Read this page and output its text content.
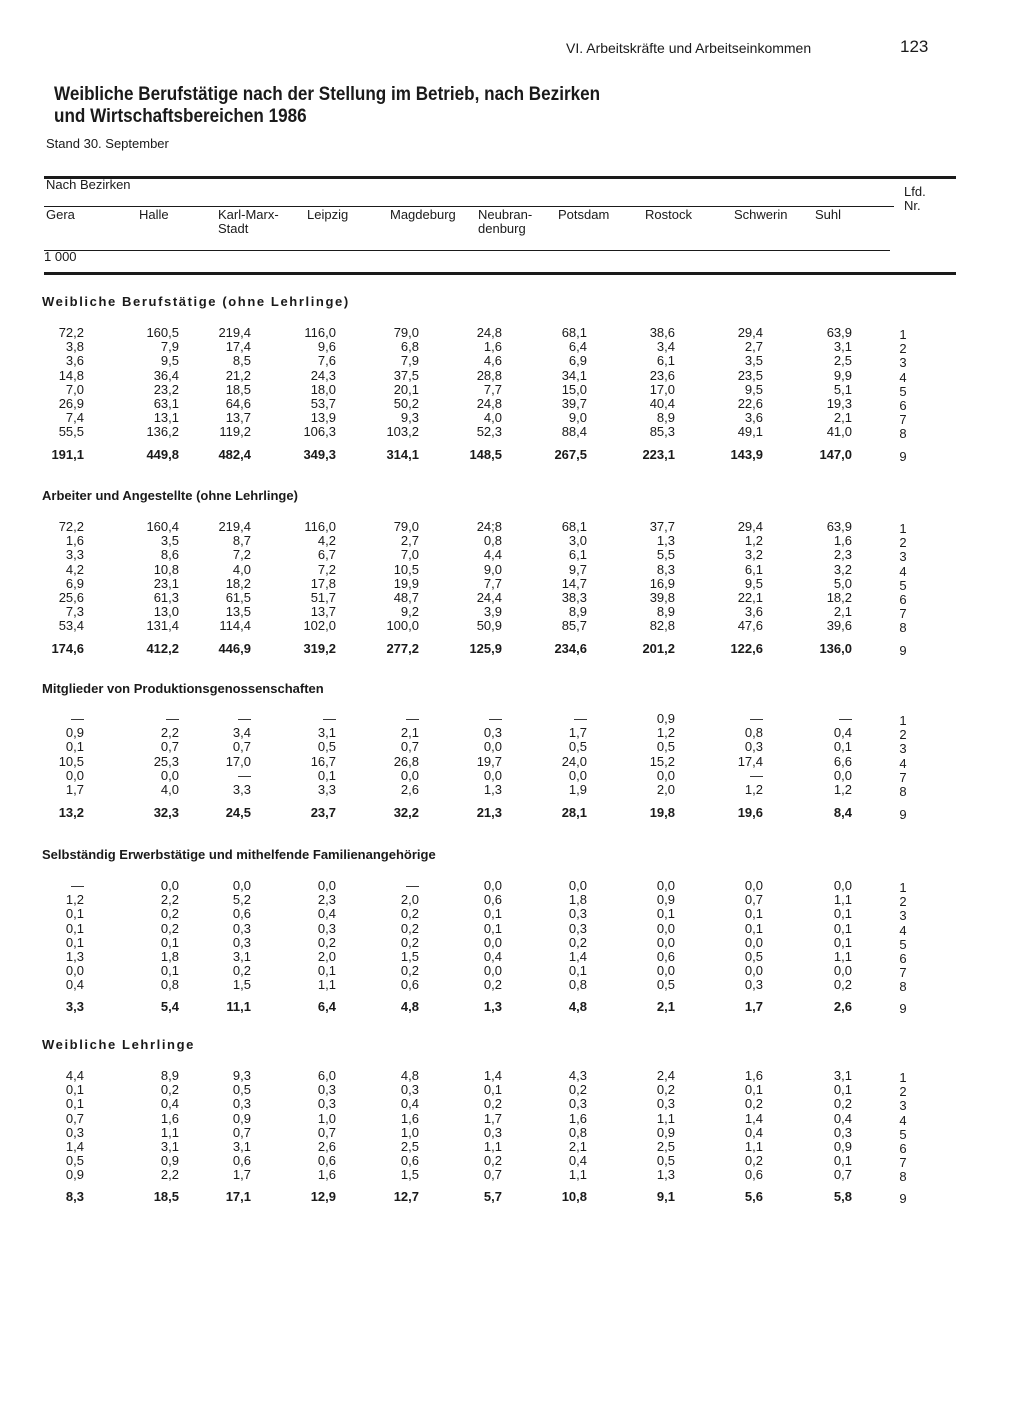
VI. Arbeitskräfte und Arbeitseinkommen	123
Weibliche Berufstätige nach der Stellung im Betrieb, nach Bezirken
und Wirtschaftsbereichen 1986
Stand 30. September
Nach Bezirken	Lfd.
Nr.
Gera	Halle	Karl-Marx-
Stadt
Leipzig	Magdeburg Neubran-
denburg
Potsdam	Rostock	Schwerin Suhl
1 000
Weibliche Berufstätige (ohne Lehrlinge)
72,2	160,5	219,4	116,0	79,0	24,8	68,1	38,6	29,4	63,9	1
3,8	7,9	17,4	9,6	6,8	1,6	6,4	3,4	2,7	3,1	2
3,6	9,5	8,5	7,6	7,9	4,6	6,9	6,1	3,5	2,5	3
14,8	36,4	21,2	24,3	37,5	28,8	34,1	23,6	23,5	9,9	4
7,0	23,2	18,5	18,0	20,1	7,7	15,0	17,0	9,5	5,1	5
26,9	63,1	64,6	53,7	50,2	24,8	39,7	40,4	22,6	19,3	6
7,4	13,1	13,7	13,9	9,3	4,0	9,0	8,9	3,6	2,1	7
55,5	136,2	119,2	106,3	103,2	52,3	88,4	85,3	49,1	41,0	8
191,1	449,8	482,4	349,3	314,1	148,5	267,5	223,1	143,9	147,0	9
Arbeiter und Angestellte (ohne Lehrlinge)
72,2	160,4	219,4	116,0	79,0	24;8	68,1	37,7	29,4	63,9	1
1,6	3,5	8,7	4,2	2,7	0,8	3,0	1,3	1,2	1,6	2
3,3	8,6	7,2	6,7	7,0	4,4	6,1	5,5	3,2	2,3	3
4,2	10,8	4,0	7,2	10,5	9,0	9,7	8,3	6,1	3,2	4
6,9	23,1	18,2	17,8	19,9	7,7	14,7	16,9	9,5	5,0	5
25,6	61,3	61,5	51,7	48,7	24,4	38,3	39,8	22,1	18,2	6
7,3	13,0	13,5	13,7	9,2	3,9	8,9	8,9	3,6	2,1	7
53,4	131,4	114,4	102,0	100,0	50,9	85,7	82,8	47,6	39,6	8
174,6	412,2	446,9	319,2	277,2	125,9	234,6	201,2	122,6	136,0	9
Mitglieder von Produktionsgenossenschaften
—	—	—	—	—	—	—	0,9	—	—	1
0,9	2,2	3,4	3,1	2,1	0,3	1,7	1,2	0,8	0,4	2
0,1	0,7	0,7	0,5	0,7	0,0	0,5	0,5	0,3	0,1	3
10,5	25,3	17,0	16,7	26,8	19,7	24,0	15,2	17,4	6,6	4
0,0	0,0	—	0,1	0,0	0,0	0,0	0,0	—	0,0	7
1,7	4,0	3,3	3,3	2,6	1,3	1,9	2,0	1,2	1,2	8
13,2	32,3	24,5	23,7	32,2	21,3	28,1	19,8	19,6	8,4	9
Selbständig Erwerbstätige und mithelfende Familienangehörige
—	0,0	0,0	0,0	—	0,0	0,0	0,0	0,0	0,0	1
1,2	2,2	5,2	2,3	2,0	0,6	1,8	0,9	0,7	1,1	2
0,1	0,2	0,6	0,4	0,2	0,1	0,3	0,1	0,1	0,1	3
0,1	0,2	0,3	0,3	0,2	0,1	0,3	0,0	0,1	0,1	4
0,1	0,1	0,3	0,2	0,2	0,0	0,2	0,0	0,0	0,1	5
1,3	1,8	3,1	2,0	1,5	0,4	1,4	0,6	0,5	1,1	6
0,0	0,1	0,2	0,1	0,2	0,0	0,1	0,0	0,0	0,0	7
0,4	0,8	1,5	1,1	0,6	0,2	0,8	0,5	0,3	0,2	8
3,3	5,4	11,1	6,4	4,8	1,3	4,8	2,1	1,7	2,6	9
Weibliche Lehrlinge
4,4	8,9	9,3	6,0	4,8	1,4	4,3	2,4	1,6	3,1	1
0,1	0,2	0,5	0,3	0,3	0,1	0,2	0,2	0,1	0,1	2
0,1	0,4	0,3	0,3	0,4	0,2	0,3	0,3	0,2	0,2	3
0,7	1,6	0,9	1,0	1,6	1,7	1,6	1,1	1,4	0,4	4
0,3	1,1	0,7	0,7	1,0	0,3	0,8	0,9	0,4	0,3	5
1,4	3,1	3,1	2,6	2,5	1,1	2,1	2,5	1,1	0,9	6
0,5	0,9	0,6	0,6	0,6	0,2	0,4	0,5	0,2	0,1	7
0,9	2,2	1,7	1,6	1,5	0,7	1,1	1,3	0,6	0,7	8
8,3	18,5	17,1	12,9	12,7	5,7	10,8	9,1	5,6	5,8	9
